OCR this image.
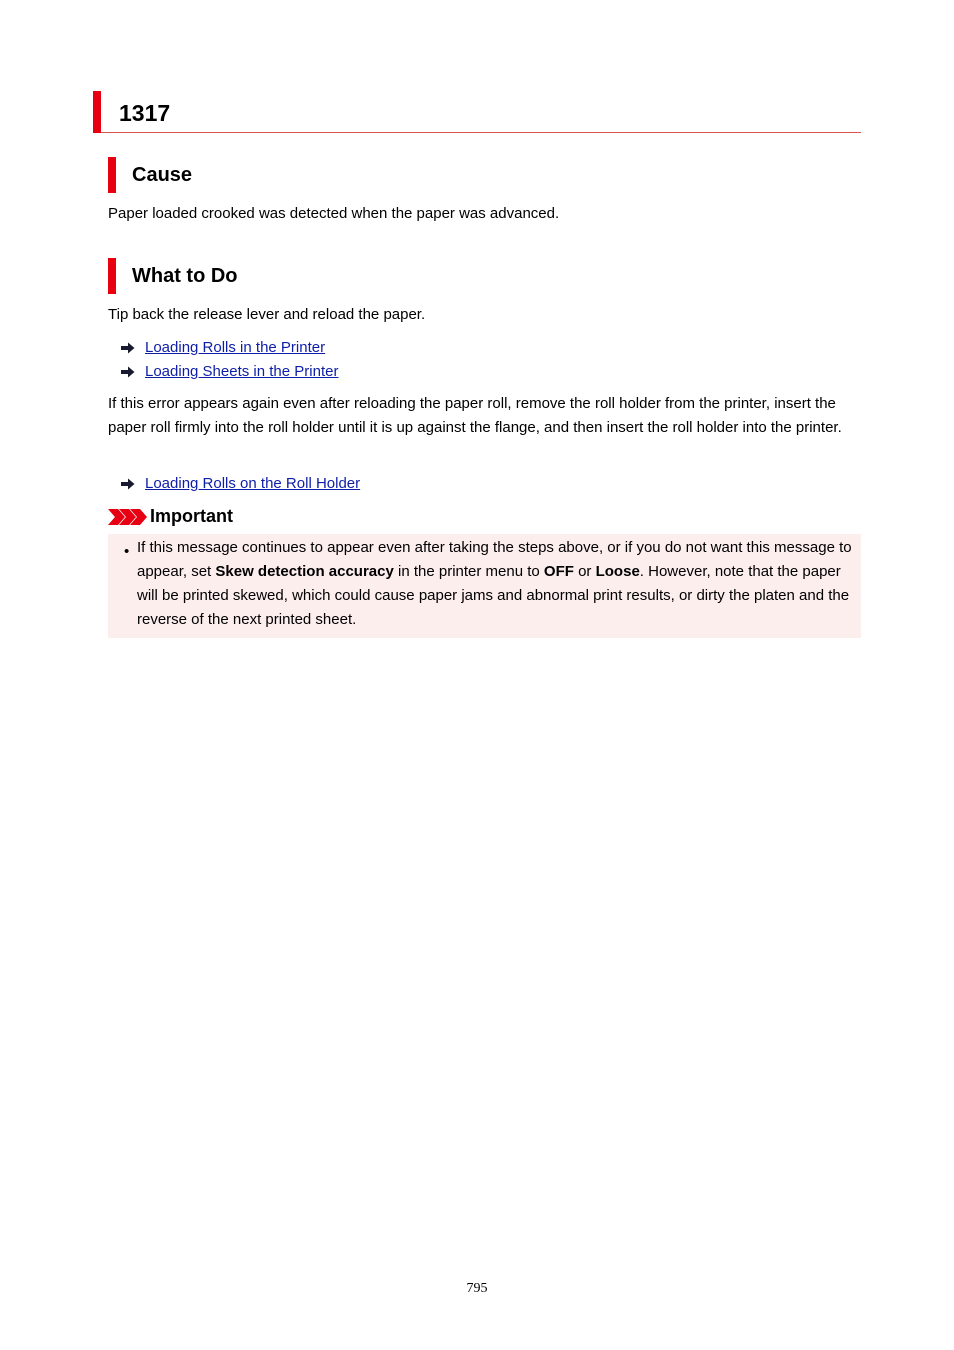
1317
Cause
Paper loaded crooked was detected when the paper was advanced.
What to Do
Tip back the release lever and reload the paper.
Loading Rolls in the Printer
Loading Sheets in the Printer
If this error appears again even after reloading the paper roll, remove the roll holder from the printer, insert the paper roll firmly into the roll holder until it is up against the flange, and then insert the roll holder into the printer.
Loading Rolls on the Roll Holder
Important
• If this message continues to appear even after taking the steps above, or if you do not want this message to appear, set Skew detection accuracy in the printer menu to OFF or Loose. However, note that the paper will be printed skewed, which could cause paper jams and abnormal print results, or dirty the platen and the reverse of the next printed sheet.
795
